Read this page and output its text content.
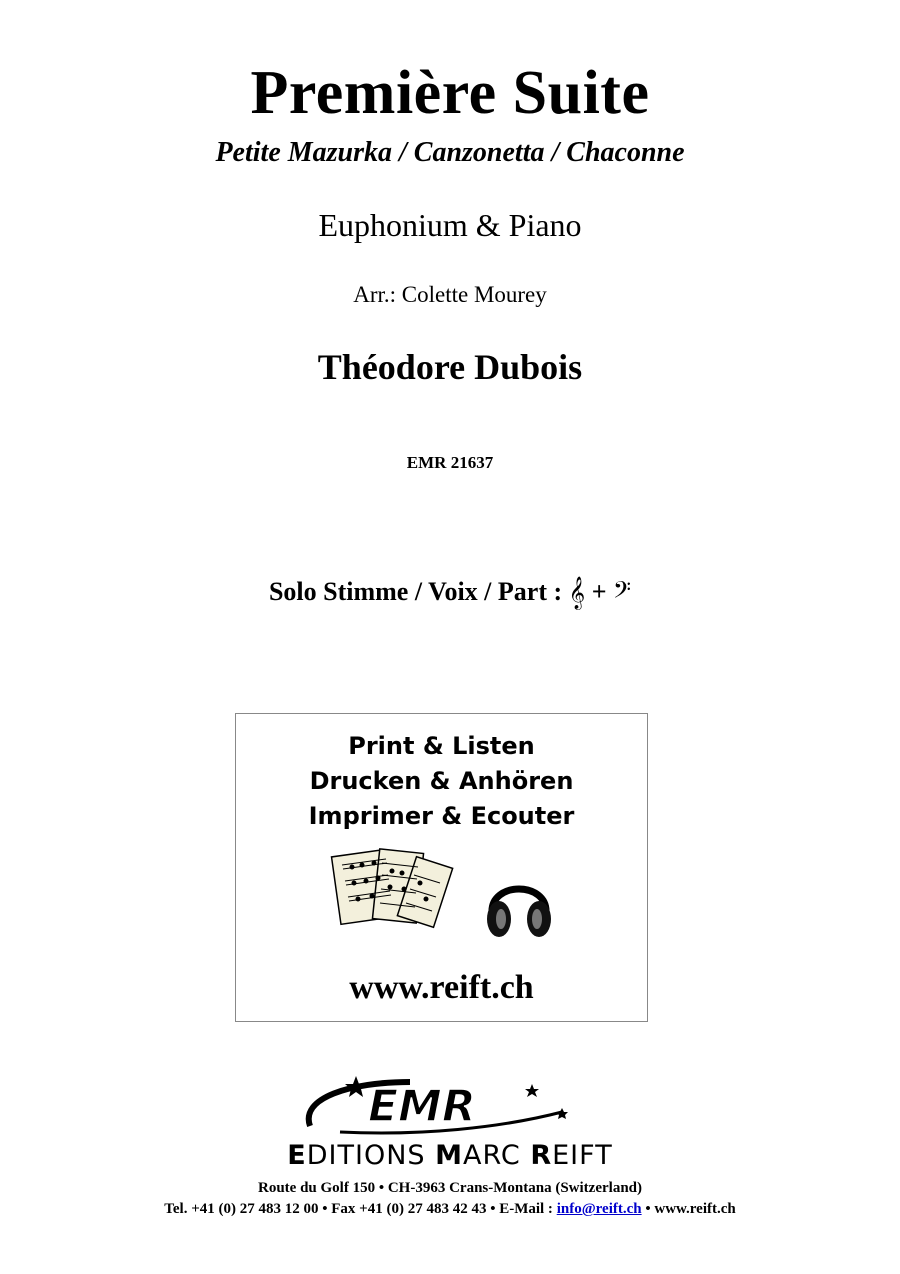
Première Suite
Petite Mazurka / Canzonetta / Chaconne
Euphonium & Piano
Arr.: Colette Mourey
Théodore Dubois
EMR 21637
Solo Stimme / Voix / Part : 𝄞 + 𝄢
Print & Listen
Drucken & Anhören
Imprimer & Ecouter
www.reift.ch
EMR
EDITIONS MARC REIFT
Route du Golf 150 • CH-3963 Crans-Montana (Switzerland)
Tel. +41 (0) 27 483 12 00 • Fax +41 (0) 27 483 42 43 • E-Mail : info@reift.ch • www.reift.ch
